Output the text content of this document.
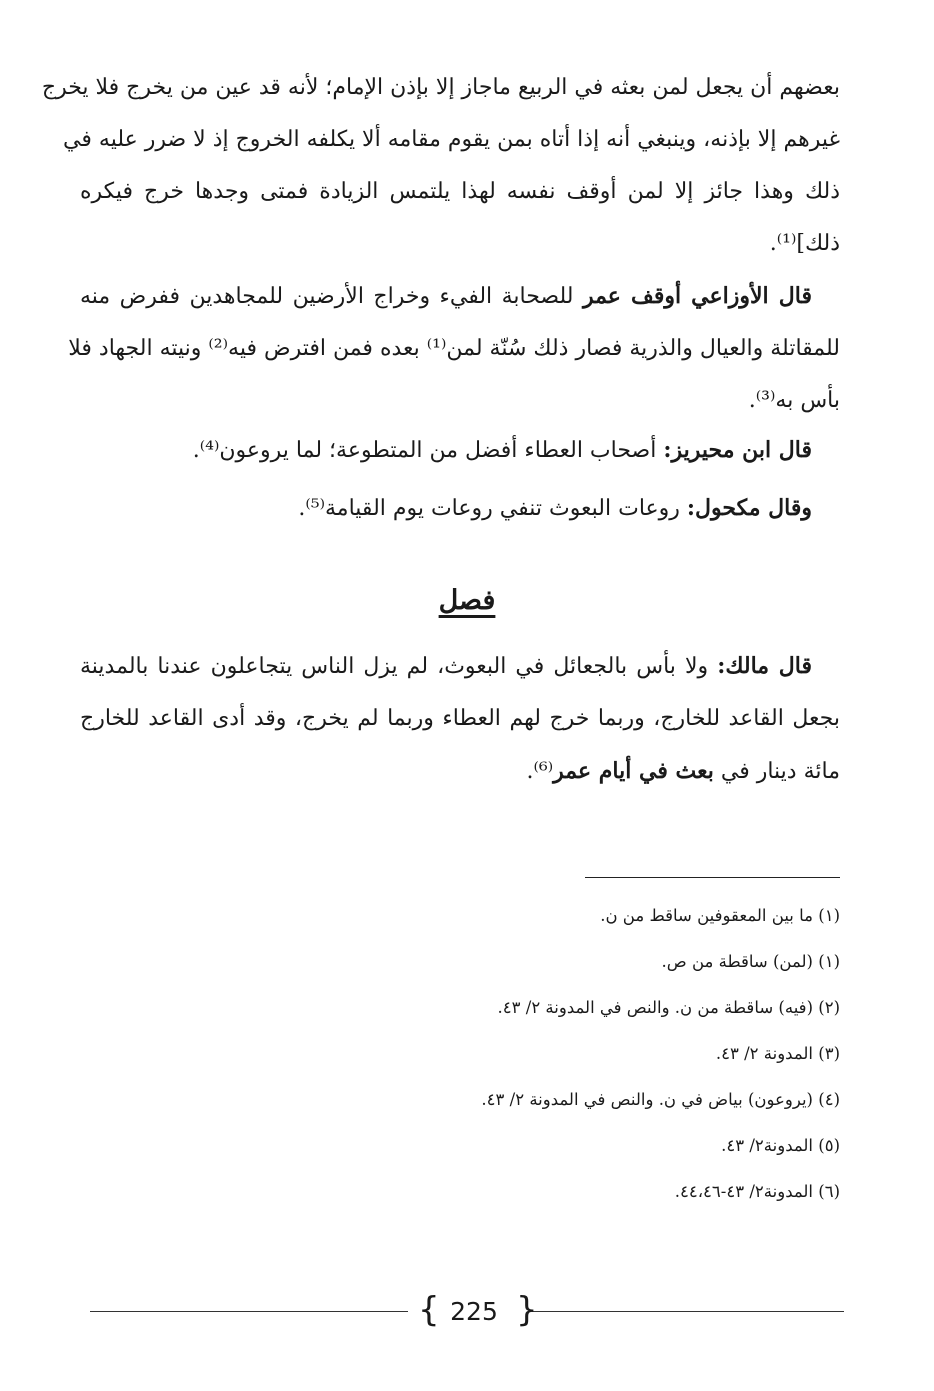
بعضهم أن يجعل لمن بعثه في الربيع ماجاز إلا بإذن الإمام؛ لأنه قد عين من يخرج فلا يخرج
غيرهم إلا بإذنه، وينبغي أنه إذا أتاه بمن يقوم مقامه ألا يكلفه الخروج إذ لا ضرر عليه في
ذلك وهذا جائز إلا لمن أوقف نفسه لهذا يلتمس الزيادة فمتى وجدها خرج فيكره
ذلك]⁽¹⁾.
قال الأوزاعي أوقف عمر للصحابة الفيء وخراج الأرضين للمجاهدين ففرض منه
للمقاتلة والعيال والذرية فصار ذلك سُنّة لمن⁽¹⁾ بعده فمن افترض فيه⁽²⁾ ونيته الجهاد فلا
بأس به⁽³⁾.
قال ابن محيريز: أصحاب العطاء أفضل من المتطوعة؛ لما يروعون⁽⁴⁾.
وقال مكحول: روعات البعوث تنفي روعات يوم القيامة⁽⁵⁾.
فصل
قال مالك: ولا بأس بالجعائل في البعوث، لم يزل الناس يتجاعلون عندنا بالمدينة
بجعل القاعد للخارج، وربما خرج لهم العطاء وربما لم يخرج، وقد أدى القاعد للخارج
مائة دينار في بعث في أيام عمر⁽⁶⁾.
(١) ما بين المعقوفين ساقط من ن.
(١) (لمن) ساقطة من ص.
(٢) (فيه) ساقطة من ن. والنص في المدونة ٢/ ٤٣.
(٣) المدونة ٢/ ٤٣.
(٤) (يروعون) بياض في ن. والنص في المدونة ٢/ ٤٣.
(٥) المدونة٢/ ٤٣.
(٦) المدونة٢/ ٤٣-٤٤،٤٦.
{ 225 }
